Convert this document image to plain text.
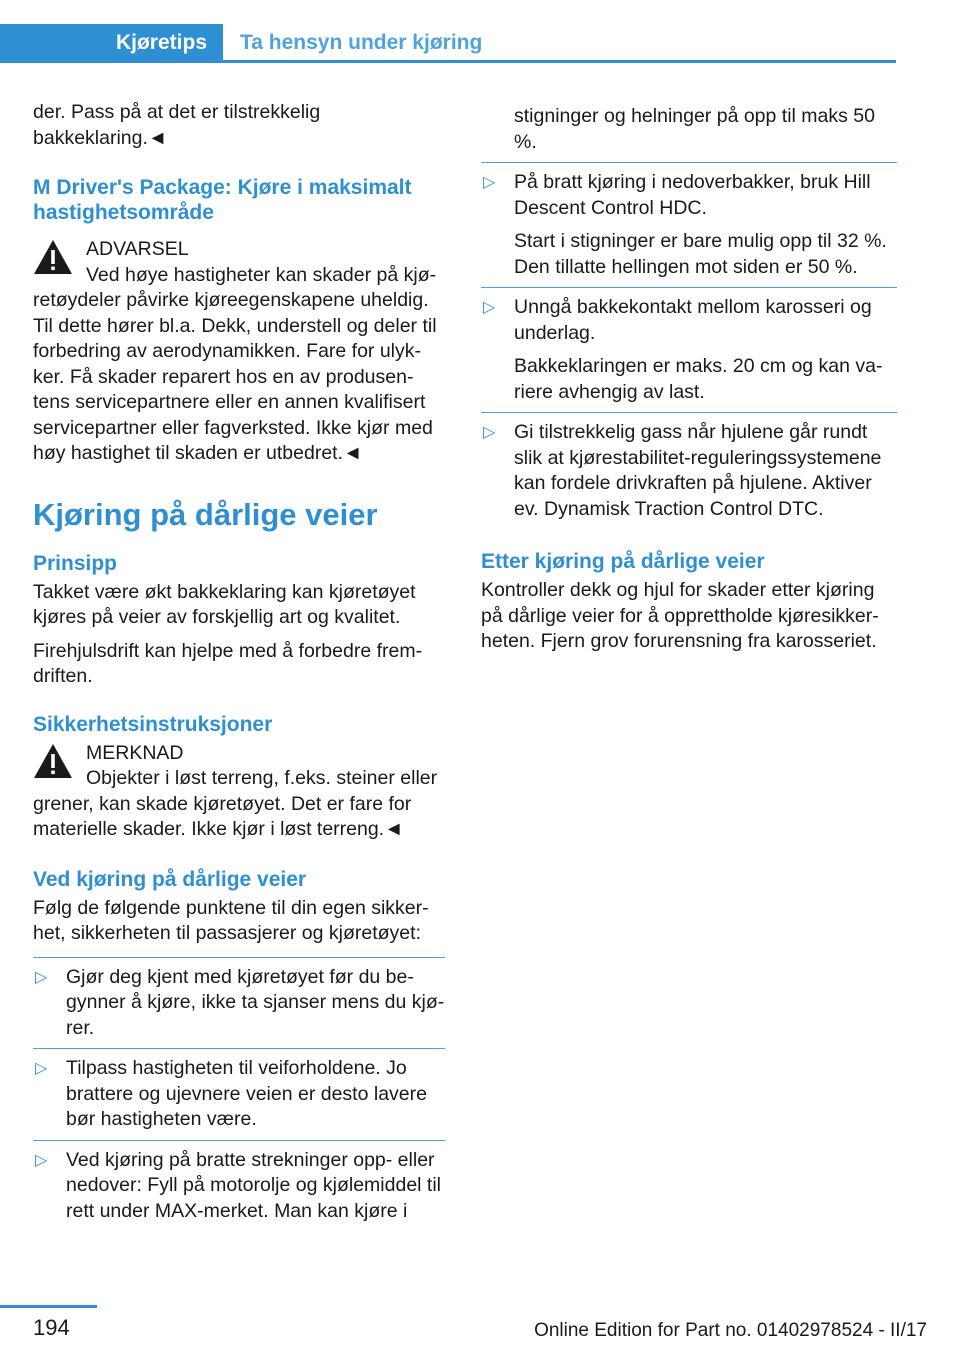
Kjøretips	Ta hensyn under kjøring

der. Pass på at det er tilstrekkelig
bakkeklaring.◄

M Driver's Package: Kjøre i maksimalt hastighetsområde
ADVARSEL
Ved høye hastigheter kan skader på kjø-
retøydeler påvirke kjøreegenskapene uheldig. Til dette hører bl.a. Dekk, understell og deler til forbedring av aerodynamikken. Fare for ulyk-ker. Få skader reparert hos en av produsen-tens servicepartnere eller en annen kvalifisert servicepartner eller fagverksted. Ikke kjør med høy hastighet til skaden er utbedret.◄
Kjøring på dårlige veier
Prinsipp

Takket være økt bakkeklaring kan kjøretøyet kjøres på veier av forskjellig art og kvalitet.

Firehjulsdrift kan hjelpe med å forbedre frem-driften.

Sikkerhetsinstruksjoner
MERKNAD
Objekter i løst terreng, f.eks. steiner eller
grener, kan skade kjøretøyet. Det er fare for materielle skader. Ikke kjør i løst terreng.◄
Ved kjøring på dårlige veier

Følg de følgende punktene til din egen sikker-het, sikkerheten til passasjerer og kjøretøyet:

▷ Gjør deg kjent med kjøretøyet før du be-gynner å kjøre, ikke ta sjanser mens du kjø-rer.

▷ Tilpass hastigheten til veiforholdene. Jo brattere og ujevnere veien er desto lavere bør hastigheten være.

▷ Ved kjøring på bratte strekninger opp- eller nedover: Fyll på motorolje og kjølemiddel til rett under MAX-merket. Man kan kjøre i

stigninger og helninger på opp til maks 50 %.

▷ På bratt kjøring i nedoverbakker, bruk Hill Descent Control HDC.

Start i stigninger er bare mulig opp til 32 %. Den tillatte hellingen mot siden er 50 %.

▷ Unngå bakkekontakt mellom karosseri og underlag.

Bakkeklaringen er maks. 20 cm og kan va-riere avhengig av last.

▷ Gi tilstrekkelig gass når hjulene går rundt slik at kjørestabilitet-reguleringssystemene kan fordele drivkraften på hjulene. Aktiver ev. Dynamisk Traction Control DTC.

Etter kjøring på dårlige veier

Kontroller dekk og hjul for skader etter kjøring på dårlige veier for å opprettholde kjøresikker-heten. Fjern grov forurensning fra karosseriet.

194	Online Edition for Part no. 01402978524 - II/17
